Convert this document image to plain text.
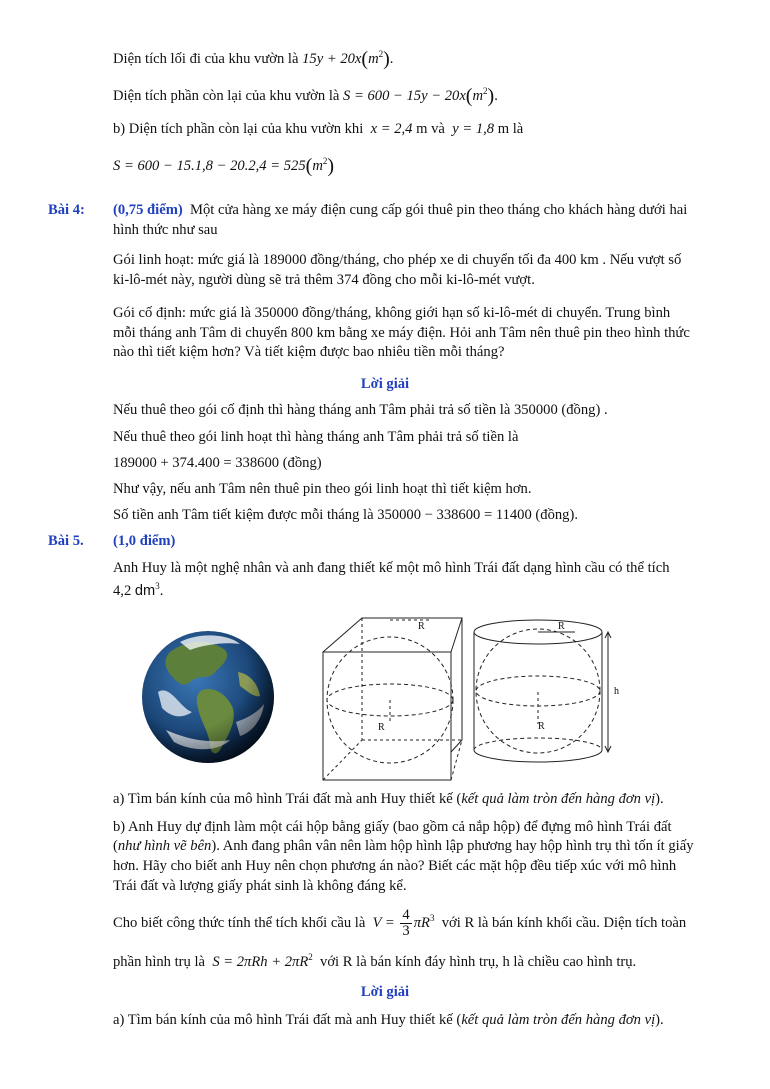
Diện tích lối đi của khu vườn là $15y + 20x(m^2)$.
Diện tích phần còn lại của khu vườn là $S = 600 - 15y - 20x(m^2)$.
b) Diện tích phần còn lại của khu vườn khi x = 2,4 m và y = 1,8 m là
$S = 600 - 15.1,8 - 20.2,4 = 525(m^2)$
Bài 4: (0,75 điểm) Một cửa hàng xe máy điện cung cấp gói thuê pin theo tháng cho khách hàng dưới hai
hình thức như sau
Gói linh hoạt: mức giá là 189000 đồng/tháng, cho phép xe di chuyển tối đa 400 km . Nếu vượt số
ki-lô-mét này, người dùng sẽ trả thêm 374 đồng cho mỗi ki-lô-mét vượt.
Gói cố định: mức giá là 350000 đồng/tháng, không giới hạn số ki-lô-mét di chuyển. Trung bình
mỗi tháng anh Tâm di chuyển 800 km bằng xe máy điện. Hỏi anh Tâm nên thuê pin theo hình thức
nào thì tiết kiệm hơn? Và tiết kiệm được bao nhiêu tiền mỗi tháng?
Lời giải
Nếu thuê theo gói cố định thì hàng tháng anh Tâm phải trả số tiền là 350000 (đồng) .
Nếu thuê theo gói linh hoạt thì hàng tháng anh Tâm phải trả số tiền là
189000 + 374.400 = 338600 (đồng)
Như vậy, nếu anh Tâm nên thuê pin theo gói linh hoạt thì tiết kiệm hơn.
Số tiền anh Tâm tiết kiệm được mỗi tháng là 350000 − 338600 = 11400 (đồng).
Bài 5. (1,0 điểm)
Anh Huy là một nghệ nhân và anh đang thiết kế một mô hình Trái đất dạng hình cầu có thể tích
4,2 $dm^3$.
R
R
R
R
h
a) Tìm bán kính của mô hình Trái đất mà anh Huy thiết kế (kết quả làm tròn đến hàng đơn vị).
b) Anh Huy dự định làm một cái hộp bằng giấy (bao gồm cả nắp hộp) để đựng mô hình Trái đất
(như hình vẽ bên). Anh đang phân vân nên làm hộp hình lập phương hay hộp hình trụ thì tốn ít giấy
hơn. Hãy cho biết anh Huy nên chọn phương án nào? Biết các mặt hộp đều tiếp xúc với mô hình
Trái đất và lượng giấy phát sinh là không đáng kể.
Cho biết công thức tính thể tích khối cầu là $V = \frac{4}{3} \pi R^3$ với R là bán kính khối cầu. Diện tích toàn
phần hình trụ là $S = 2\pi Rh + 2\pi R^2$ với R là bán kính đáy hình trụ, h là chiều cao hình trụ.
Lời giải
a) Tìm bán kính của mô hình Trái đất mà anh Huy thiết kế (kết quả làm tròn đến hàng đơn vị).
